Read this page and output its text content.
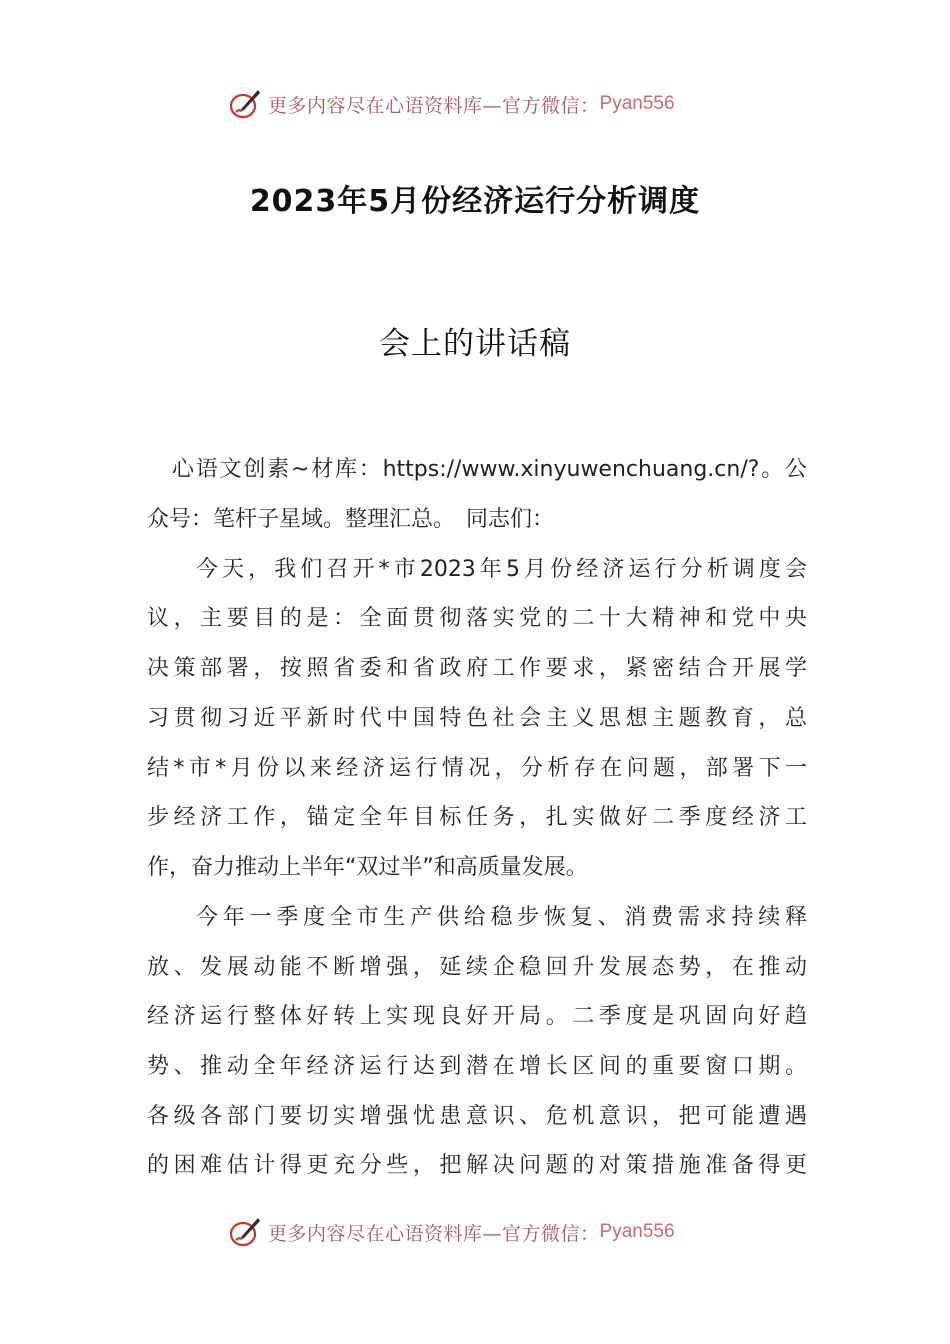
更多内容尽在心语资料库—官方微信： Pyan556
2023年5月份经济运行分析调度
会上的讲话稿
心语文创素~材库：https://www.xinyuwenchuang.cn/?。公
众号：笔杆子星域。整理汇总。　同志们：
今天，我们召开*市2023年5月份经济运行分析调度会
议，主要目的是：全面贯彻落实党的二十大精神和党中央
决策部署，按照省委和省政府工作要求，紧密结合开展学
习贯彻习近平新时代中国特色社会主义思想主题教育，总
结*市*月份以来经济运行情况，分析存在问题，部署下一
步经济工作，锚定全年目标任务，扎实做好二季度经济工
作，奋力推动上半年“双过半”和高质量发展。
今年一季度全市生产供给稳步恢复、消费需求持续释
放、发展动能不断增强，延续企稳回升发展态势，在推动
经济运行整体好转上实现良好开局。二季度是巩固向好趋
势、推动全年经济运行达到潜在增长区间的重要窗口期。
各级各部门要切实增强忧患意识、危机意识，把可能遭遇
的困难估计得更充分些，把解决问题的对策措施准备得更
更多内容尽在心语资料库—官方微信： Pyan556
